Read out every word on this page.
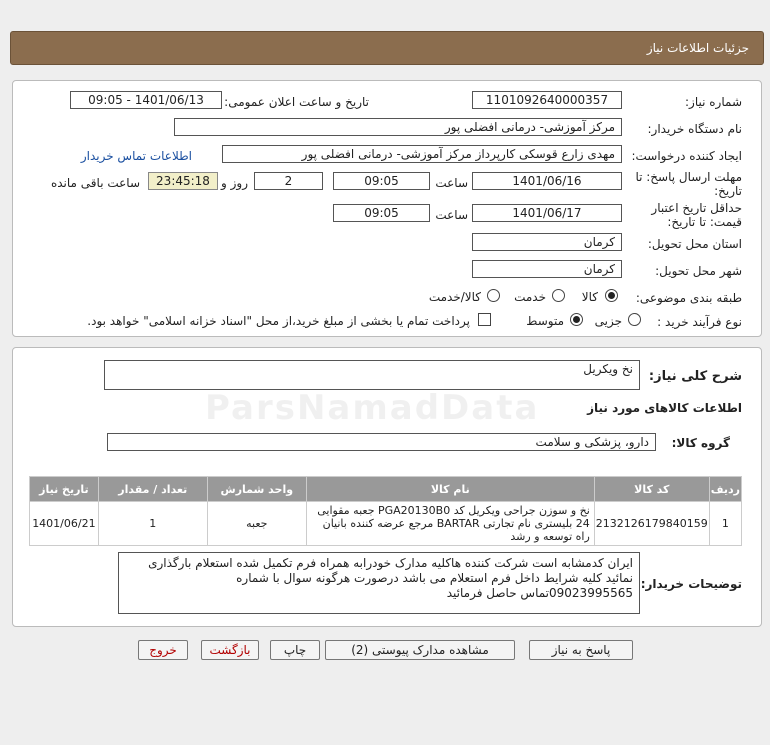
جزئیات اطلاعات نیاز
شماره نیاز:
1101092640000357
تاریخ و ساعت اعلان عمومی:
1401/06/13 - 09:05
نام دستگاه خریدار:
مرکز آموزشی- درمانی افضلی پور
ایجاد کننده درخواست:
مهدی زارع قوسکی کارپرداز مرکز آموزشی- درمانی افضلی پور
اطلاعات تماس خریدار
مهلت ارسال پاسخ: تا
تاریخ:
1401/06/16
ساعت
09:05
2
روز و
23:45:18
ساعت باقی مانده
حداقل تاریخ اعتبار
قیمت: تا تاریخ:
1401/06/17
ساعت
09:05
استان محل تحویل:
کرمان
شهر محل تحویل:
کرمان
طبقه بندی موضوعی:
کالا
خدمت
کالا/خدمت
نوع فرآیند خرید :
جزیی
متوسط
پرداخت تمام یا بخشی از مبلغ خرید،از محل "اسناد خزانه اسلامی" خواهد بود.
شرح کلی نیاز:
نخ ویکریل
ParsNamadData	اطلاعات کالاهای مورد نیاز
گروه کالا:
دارو، پزشکی و سلامت
ردیف	کد کالا	نام کالا	واحد شمارش	تعداد / مقدار	تاریخ نیاز
1	2132126179840159	نخ و سوزن جراحی ویکریل کد PGA20130B0 جعبه مقوایی 24 بلیستری نام تجارتی BARTAR مرجع عرضه کننده بانیان راه توسعه و رشد	جعبه	1	1401/06/21
توضیحات خریدار:
ایران کدمشابه است شرکت کننده هاکلیه مدارک خودرابه همراه فرم تکمیل شده استعلام بارگذاری نمائید کلیه شرایط داخل فرم استعلام می باشد درصورت هرگونه سوال با شماره 09023995565تماس حاصل فرمائید
پاسخ به نیاز
مشاهده مدارک پیوستی (2)
چاپ
بازگشت
خروج
